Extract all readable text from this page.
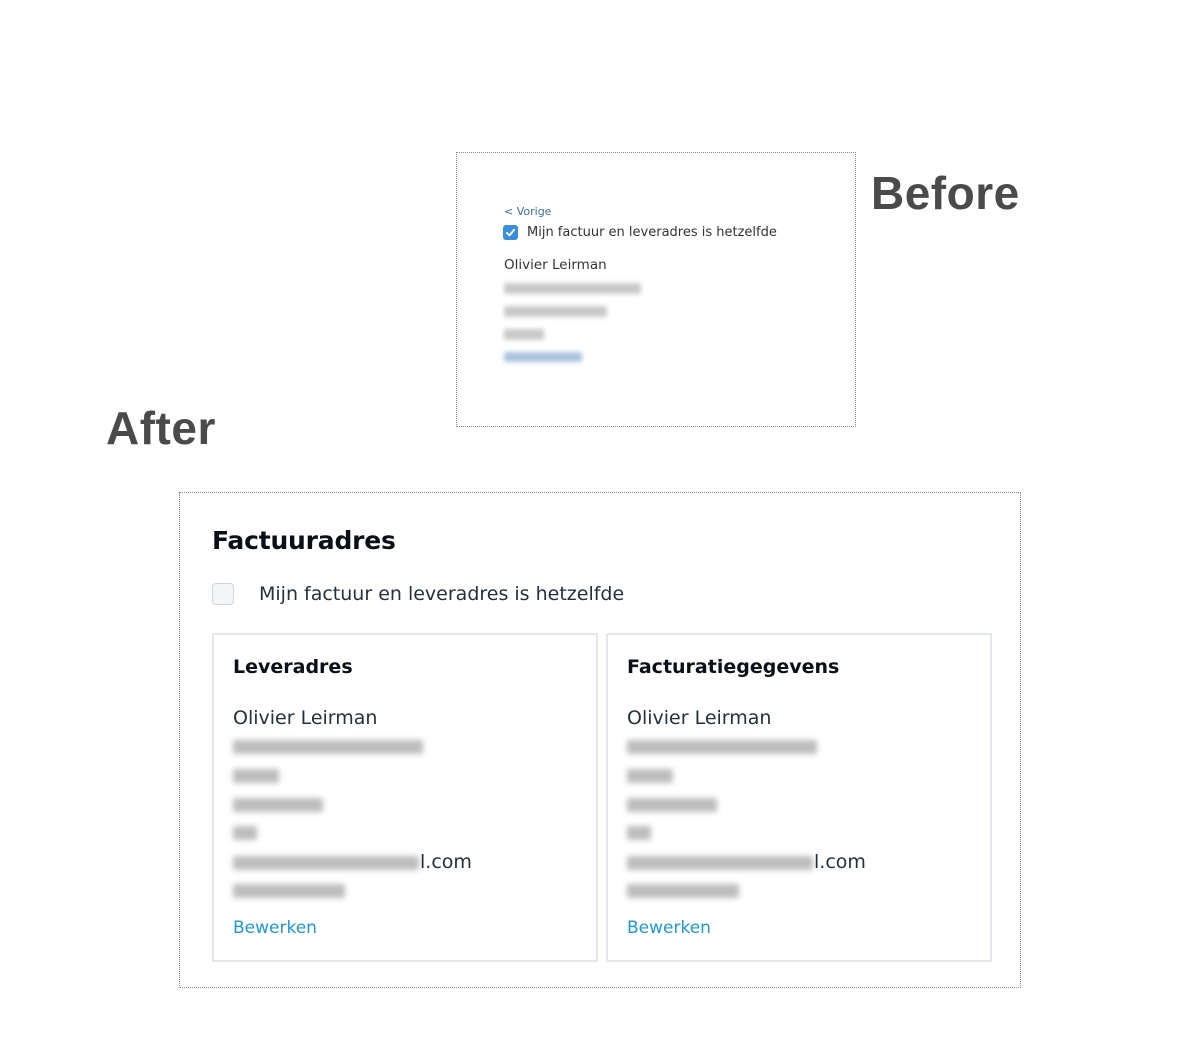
Before
After
< Vorige
Mijn factuur en leveradres is hetzelfde
Olivier Leirman
Factuuradres
Mijn factuur en leveradres is hetzelfde
Leveradres
Olivier Leirman
l.com
Bewerken
Facturatiegegevens
Olivier Leirman
l.com
Bewerken
